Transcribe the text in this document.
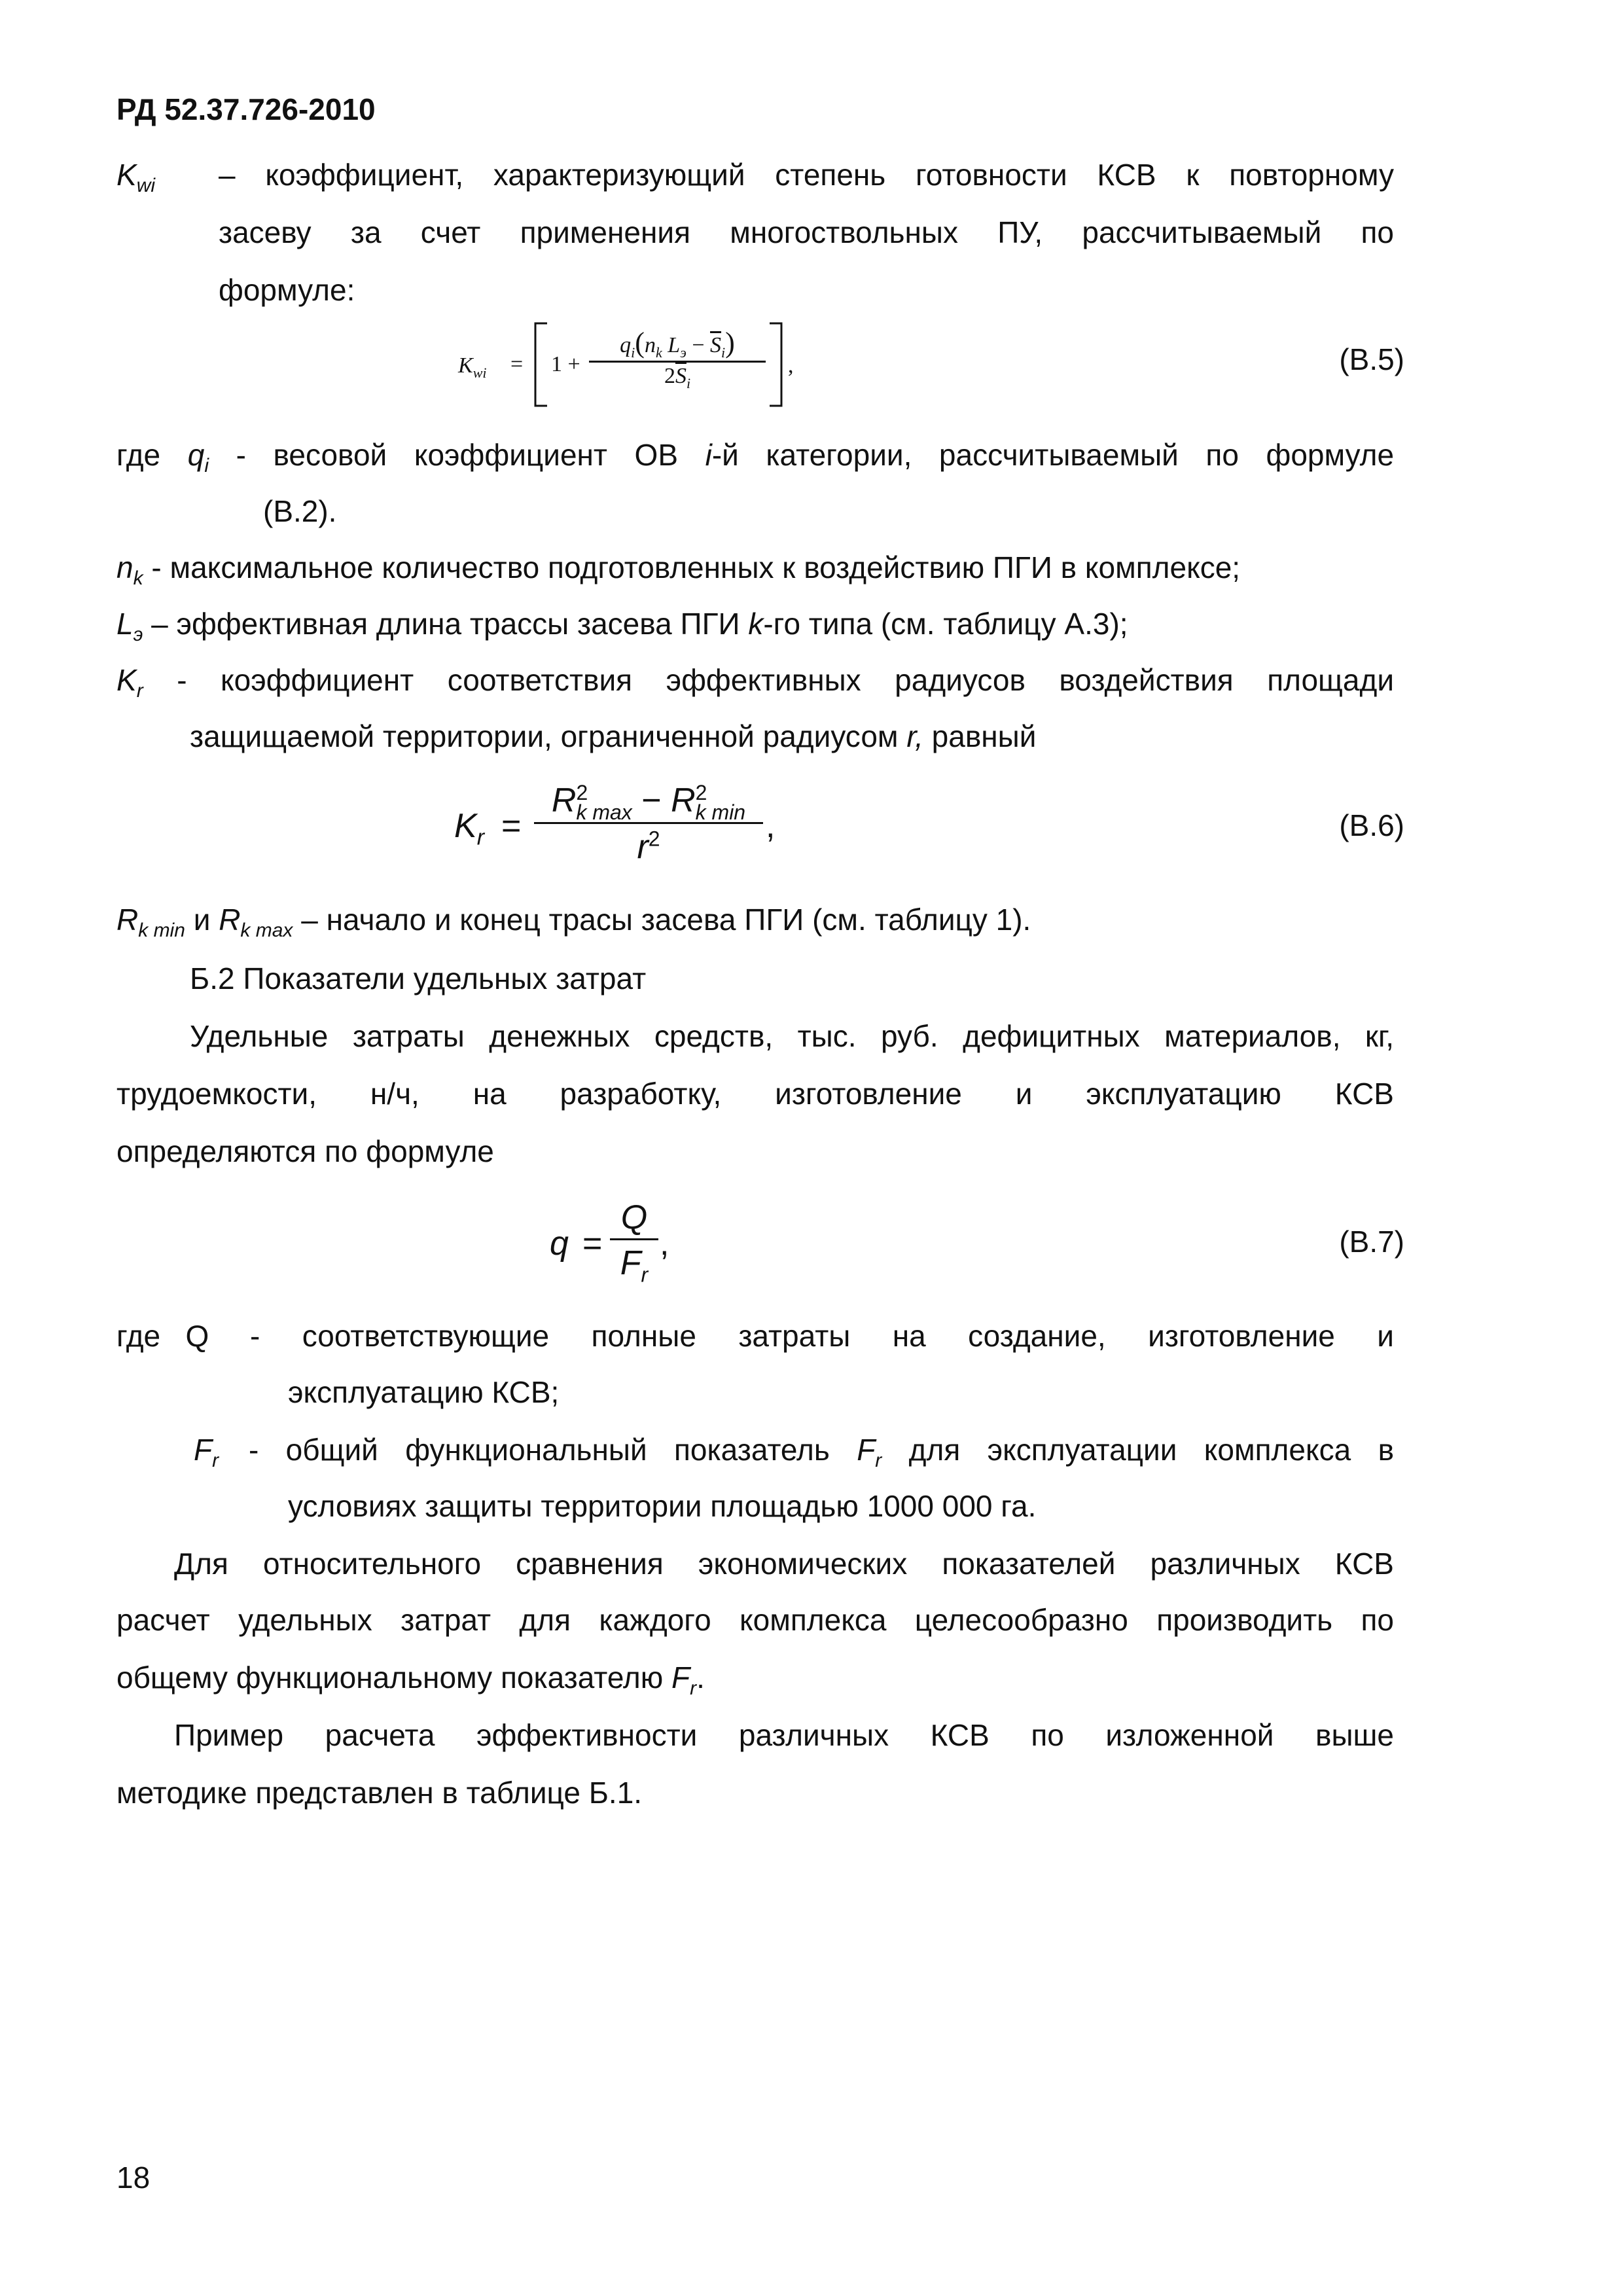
РД 52.37.726-2010
$K_{wi}$ – коэффициент, характеризующий степень готовности КСВ к повторному
засеву за счет применения многоствольных ПУ, рассчитываемый по
формуле:
$K_{wi} = 1$ +
$q_i(n_k$ $L_э - \overline{S}_i$)
$2\overline{S}_i$
,	(В.5)
где $q_i$ - весовой коэффициент ОВ i-й категории, рассчитываемый по формуле
(В.2).
$n_k$ - максимальное количество подготовленных к воздействию ПГИ в комплексе;
$L_э$ – эффективная длина трассы засева ПГИ k-го типа (см. таблицу А.3);
$K_r$ - коэффициент соответствия эффективных радиусов воздействия площади
защищаемой территории, ограниченной радиусом r, равный
$K_r$ =
R 2
k max − R 2
k min
$r^2$	,	(В.6)
$R_{k min}$ и $R_{k max}$ – начало и конец трасы засева ПГИ (см. таблицу 1).
Б.2 Показатели удельных затрат
Удельные затраты денежных средств, тыс. руб. дефицитных материалов, кг,
трудоемкости, н/ч, на разработку, изготовление и эксплуатацию КСВ
определяются по формуле
$q = \frac{Q}{F_r}$ ,	(В.7)
где Q - соответствующие полные затраты на создание, изготовление и
эксплуатацию КСВ;
$F_r$ - общий функциональный показатель $F_r$ для эксплуатации комплекса в
условиях защиты территории площадью 1000 000 га.
Для относительного сравнения экономических показателей различных КСВ
расчет удельных затрат для каждого комплекса целесообразно производить по
общему функциональному показателю $F_r$.
Пример расчета эффективности различных КСВ по изложенной выше
методике представлен в таблице Б.1.
18
